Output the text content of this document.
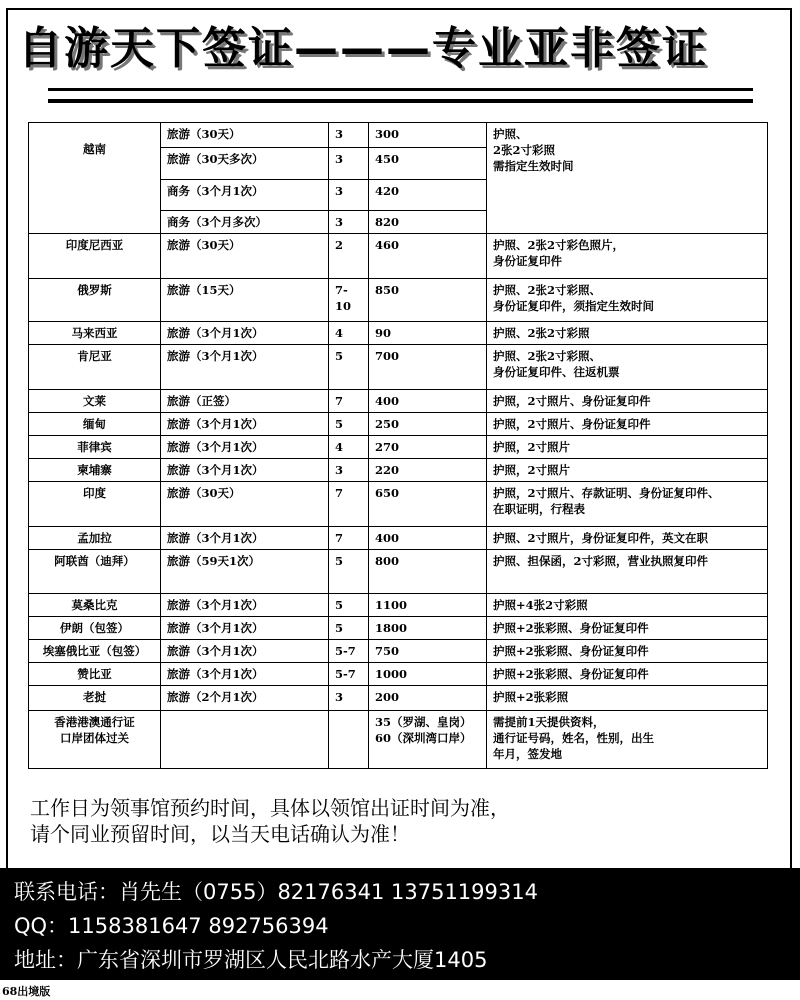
自游天下签证———专业亚非签证
越南	旅游（30天）	3	300	护照、
2张2寸彩照
需指定生效时间
	旅游（30天多次）	3	450	
	商务（3个月1次）	3	420	
	商务（3个月多次）	3	820	
印度尼西亚	旅游（30天）	2	460	护照、2张2寸彩色照片，
身份证复印件
俄罗斯	旅游（15天）	7-10	850	护照、2张2寸彩照、
身份证复印件，须指定生效时间
马来西亚	旅游（3个月1次）	4	90	护照、2张2寸彩照
肯尼亚	旅游（3个月1次）	5	700	护照、2张2寸彩照、
身份证复印件、往返机票
文莱	旅游（正签）	7	400	护照，2寸照片、身份证复印件
缅甸	旅游（3个月1次）	5	250	护照，2寸照片、身份证复印件
菲律宾	旅游（3个月1次）	4	270	护照，2寸照片
柬埔寨	旅游（3个月1次）	3	220	护照，2寸照片
印度	旅游（30天）	7	650	护照，2寸照片、存款证明、身份证复印件、
在职证明，行程表
孟加拉	旅游（3个月1次）	7	400	护照、2寸照片，身份证复印件，英文在职
阿联酋（迪拜）	旅游（59天1次）	5	800	护照、担保函，2寸彩照，营业执照复印件
莫桑比克	旅游（3个月1次）	5	1100	护照+4张2寸彩照
伊朗（包签）	旅游（3个月1次）	5	1800	护照+2张彩照、身份证复印件
埃塞俄比亚（包签）	旅游（3个月1次）	5-7	750	护照+2张彩照、身份证复印件
赞比亚	旅游（3个月1次）	5-7	1000	护照+2张彩照、身份证复印件
老挝	旅游（2个月1次）	3	200	护照+2张彩照
香港港澳通行证
口岸团体过关			35（罗湖、皇岗）
60（深圳湾口岸）	需提前1天提供资料，
通行证号码，姓名，性别，出生
年月，签发地
工作日为领事馆预约时间，具体以领馆出证时间为准，
请个同业预留时间，以当天电话确认为准！
联系电话：肖先生（0755）82176341 13751199314
QQ：1158381647 892756394
地址：广东省深圳市罗湖区人民北路水产大厦1405
68出境版
